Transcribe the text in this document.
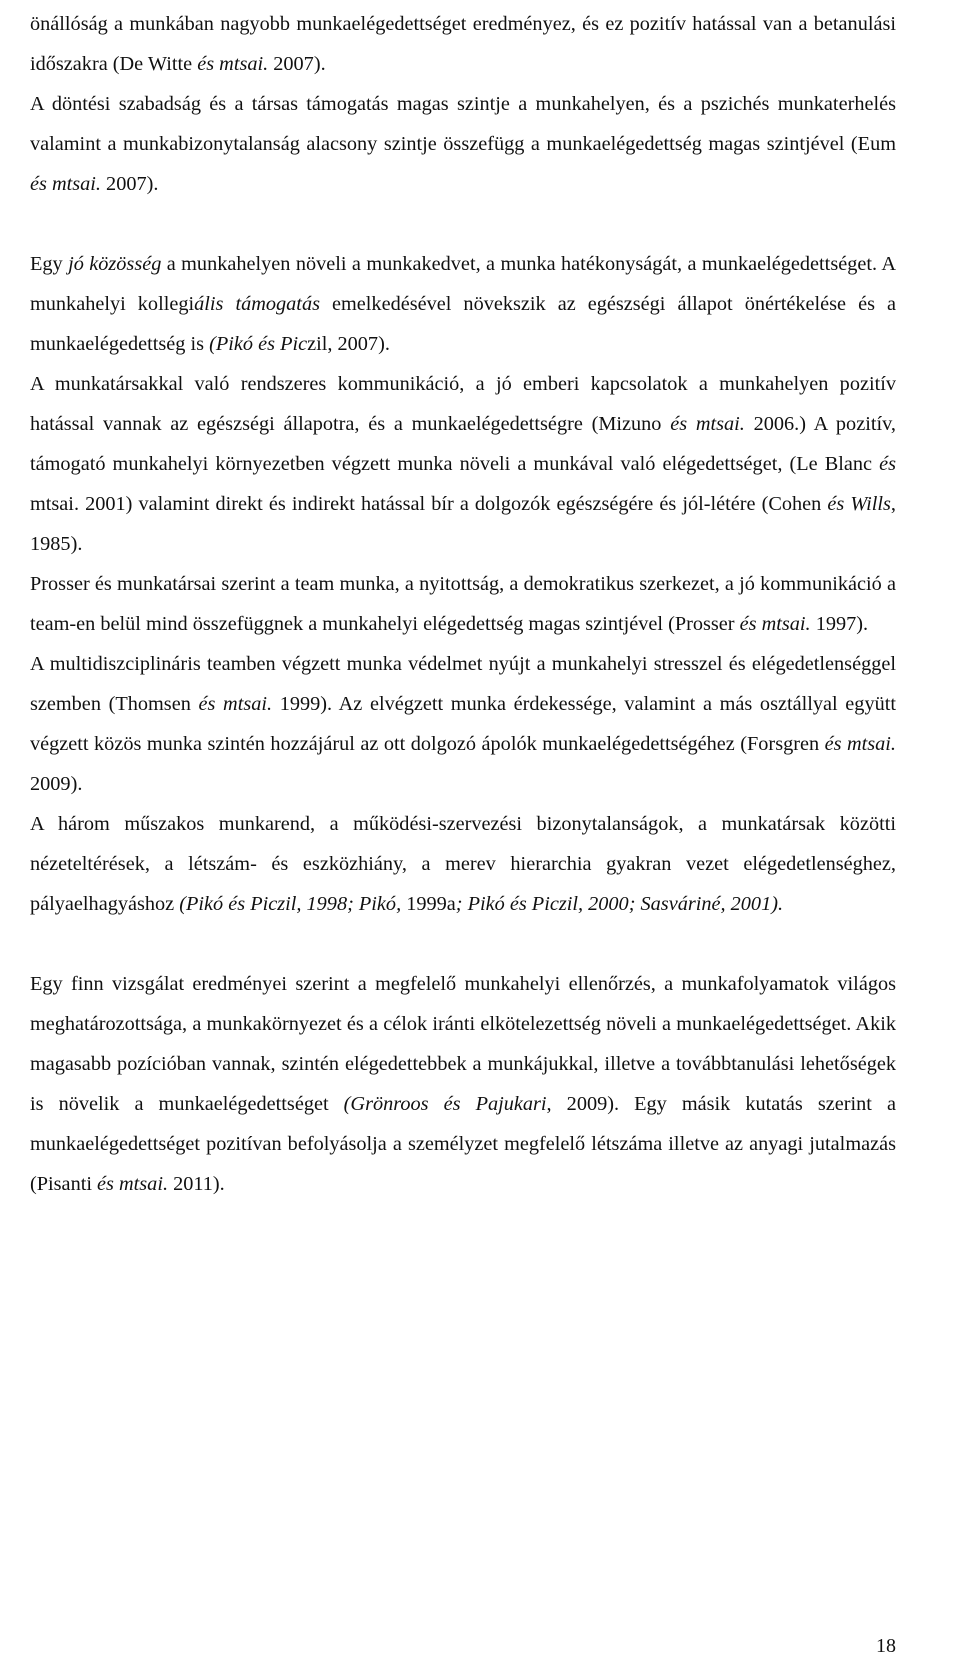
önállóság a munkában nagyobb munkaelégedettséget eredményez, és ez pozitív hatással van a betanulási időszakra (De Witte és mtsai. 2007).

A döntési szabadság és a társas támogatás magas szintje a munkahelyen, és a pszichés munkaterhelés valamint a munkabizonytalanság alacsony szintje összefügg a munkaelégedettség magas szintjével (Eum és mtsai. 2007).

Egy jó közösség a munkahelyen növeli a munkakedvet, a munka hatékonyságát, a munkaelégedettséget. A munkahelyi kollegiális támogatás emelkedésével növekszik az egészségi állapot önértékelése és a munkaelégedettség is (Pikó és Piczil, 2007).

A munkatársakkal való rendszeres kommunikáció, a jó emberi kapcsolatok a munkahelyen pozitív hatással vannak az egészségi állapotra, és a munkaelégedettségre (Mizuno és mtsai. 2006.) A pozitív, támogató munkahelyi környezetben végzett munka növeli a munkával való elégedettséget, (Le Blanc és mtsai. 2001) valamint direkt és indirekt hatással bír a dolgozók egészségére és jól-létére (Cohen és Wills, 1985).

Prosser és munkatársai szerint a team munka, a nyitottság, a demokratikus szerkezet, a jó kommunikáció a team-en belül mind összefüggnek a munkahelyi elégedettség magas szintjével (Prosser és mtsai. 1997).

A multidiszciplináris teamben végzett munka védelmet nyújt a munkahelyi stresszel és elégedetlenséggel szemben (Thomsen és mtsai. 1999). Az elvégzett munka érdekessége, valamint a más osztállyal együtt végzett közös munka szintén hozzájárul az ott dolgozó ápolók munkaelégedettségéhez (Forsgren és mtsai. 2009).

A három műszakos munkarend, a működési-szervezési bizonytalanságok, a munkatársak közötti nézeteltérések, a létszám- és eszközhiány, a merev hierarchia gyakran vezet elégedetlenséghez, pályaelhagyáshoz (Pikó és Piczil, 1998; Pikó, 1999a; Pikó és Piczil, 2000; Sasváriné, 2001).

Egy finn vizsgálat eredményei szerint a megfelelő munkahelyi ellenőrzés, a munkafolyamatok világos meghatározottsága, a munkakörnyezet és a célok iránti elkötelezettség növeli a munkaelégedettséget. Akik magasabb pozícióban vannak, szintén elégedettebbek a munkájukkal, illetve a továbbtanulási lehetőségek is növelik a munkaelégedettséget (Grönroos és Pajukari, 2009). Egy másik kutatás szerint a munkaelégedettséget pozitívan befolyásolja a személyzet megfelelő létszáma illetve az anyagi jutalmazás (Pisanti és mtsai. 2011).

18
